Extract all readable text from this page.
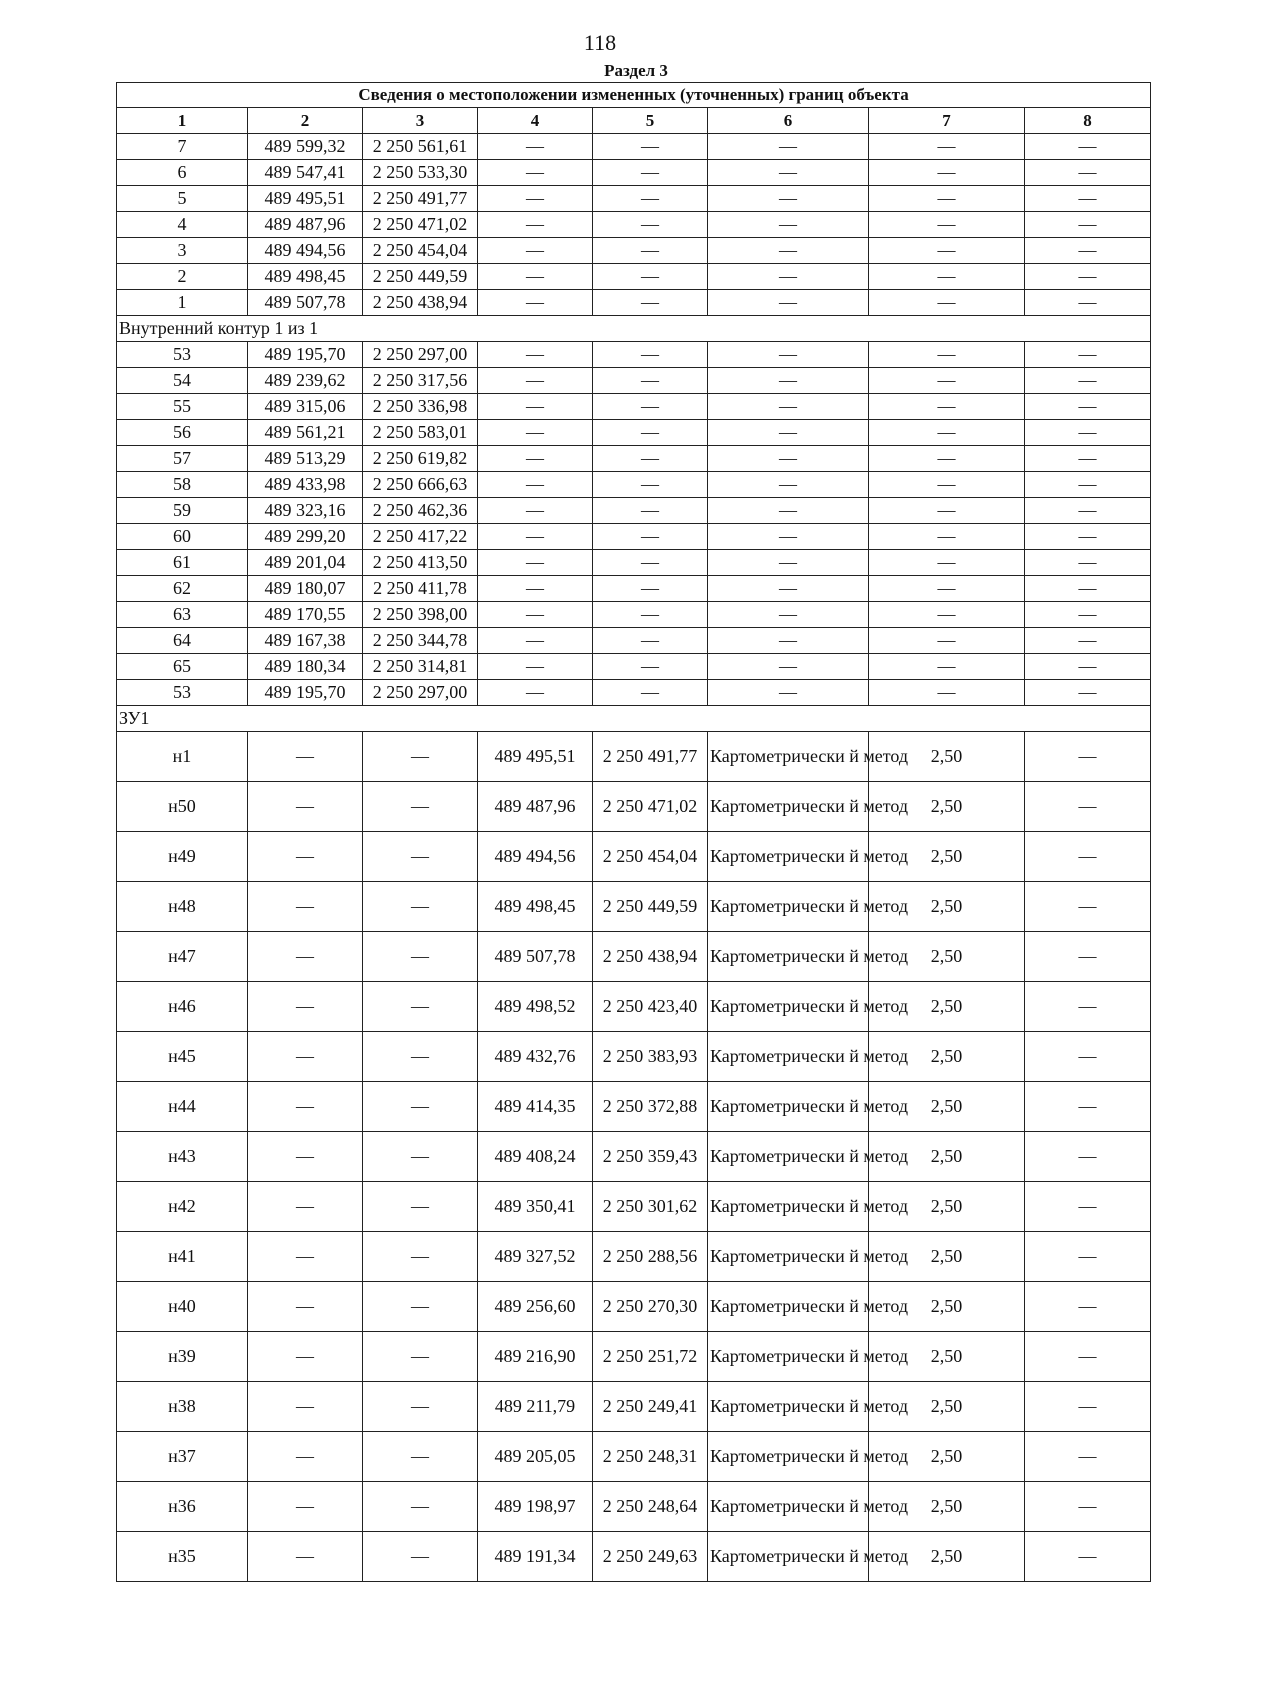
118
Раздел 3
Сведения о местоположении измененных (уточненных) границ объекта							
1	2	3	4	5	6	7	8
7	489 599,32	2 250 561,61	—	—	—	—	—
6	489 547,41	2 250 533,30	—	—	—	—	—
5	489 495,51	2 250 491,77	—	—	—	—	—
4	489 487,96	2 250 471,02	—	—	—	—	—
3	489 494,56	2 250 454,04	—	—	—	—	—
2	489 498,45	2 250 449,59	—	—	—	—	—
1	489 507,78	2 250 438,94	—	—	—	—	—
Внутренний контур 1 из 1							
53	489 195,70	2 250 297,00	—	—	—	—	—
54	489 239,62	2 250 317,56	—	—	—	—	—
55	489 315,06	2 250 336,98	—	—	—	—	—
56	489 561,21	2 250 583,01	—	—	—	—	—
57	489 513,29	2 250 619,82	—	—	—	—	—
58	489 433,98	2 250 666,63	—	—	—	—	—
59	489 323,16	2 250 462,36	—	—	—	—	—
60	489 299,20	2 250 417,22	—	—	—	—	—
61	489 201,04	2 250 413,50	—	—	—	—	—
62	489 180,07	2 250 411,78	—	—	—	—	—
63	489 170,55	2 250 398,00	—	—	—	—	—
64	489 167,38	2 250 344,78	—	—	—	—	—
65	489 180,34	2 250 314,81	—	—	—	—	—
53	489 195,70	2 250 297,00	—	—	—	—	—
ЗУ1							
н1	—	—	489 495,51	2 250 491,77	Картометрически й метод	2,50	—
н50	—	—	489 487,96	2 250 471,02	Картометрически й метод	2,50	—
н49	—	—	489 494,56	2 250 454,04	Картометрически й метод	2,50	—
н48	—	—	489 498,45	2 250 449,59	Картометрически й метод	2,50	—
н47	—	—	489 507,78	2 250 438,94	Картометрически й метод	2,50	—
н46	—	—	489 498,52	2 250 423,40	Картометрически й метод	2,50	—
н45	—	—	489 432,76	2 250 383,93	Картометрически й метод	2,50	—
н44	—	—	489 414,35	2 250 372,88	Картометрически й метод	2,50	—
н43	—	—	489 408,24	2 250 359,43	Картометрически й метод	2,50	—
н42	—	—	489 350,41	2 250 301,62	Картометрически й метод	2,50	—
н41	—	—	489 327,52	2 250 288,56	Картометрически й метод	2,50	—
н40	—	—	489 256,60	2 250 270,30	Картометрически й метод	2,50	—
н39	—	—	489 216,90	2 250 251,72	Картометрически й метод	2,50	—
н38	—	—	489 211,79	2 250 249,41	Картометрически й метод	2,50	—
н37	—	—	489 205,05	2 250 248,31	Картометрически й метод	2,50	—
н36	—	—	489 198,97	2 250 248,64	Картометрически й метод	2,50	—
н35	—	—	489 191,34	2 250 249,63	Картометрически й метод	2,50	—
